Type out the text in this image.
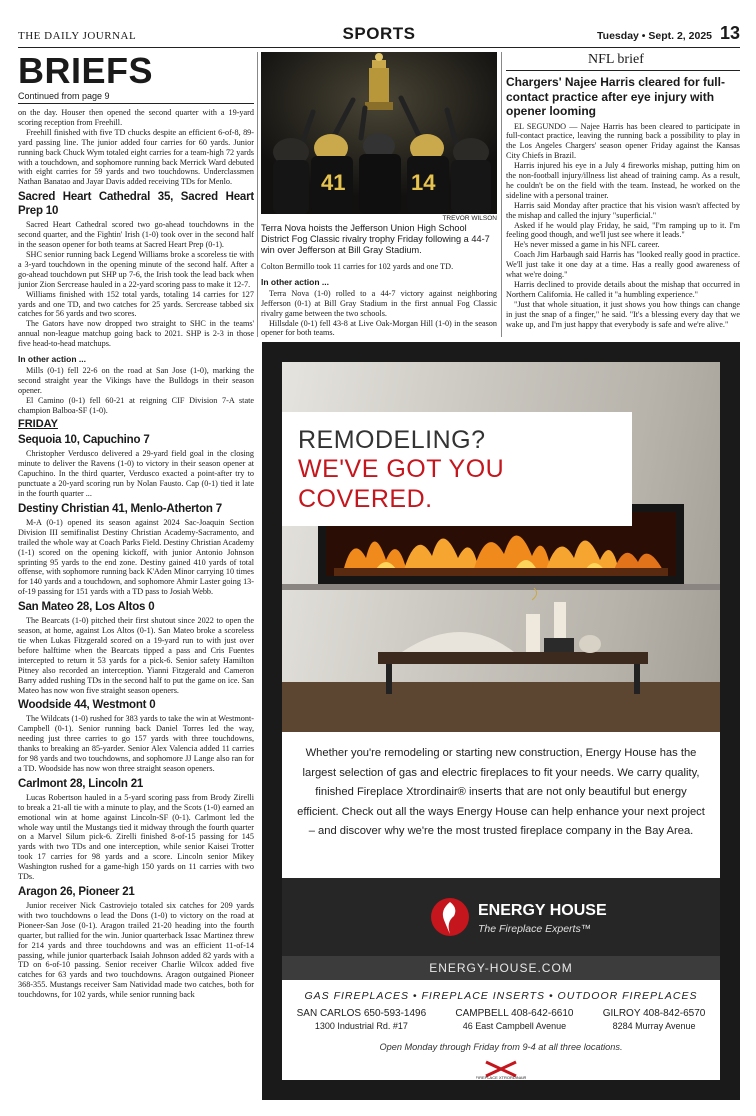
THE DAILY JOURNAL	SPORTS	Tuesday • Sept. 2, 2025 13
BRIEFS
Continued from page 9

on the day. Houser then opened the second quarter with a 19-yard scoring reception from Freehill.

Freehill finished with five TD chucks despite an efficient 6-of-8, 89-yard passing line. The junior added four carries for 60 yards. Junior running back Chuck Wym totaled eight carries for a team-high 72 yards with a touchdown, and sophomore running back Merrick Ward debuted with eight carries for 59 yards and two touchdowns. Underclassmen Nathan Banatao and Jayar Davis added receiving TDs for Menlo.

Sacred Heart Cathedral 35, Sacred Heart Prep 10

Sacred Heart Cathedral scored two go-ahead touchdowns in the second quarter, and the Fightin' Irish (1-0) took over in the second half in the season opener for both teams at Sacred Heart Prep (0-1).

SHC senior running back Legend Williams broke a scoreless tie with a 3-yard touchdown in the opening minute of the second half. After a go-ahead touchdown put SHP up 7-6, the Irish took the lead back when junior Zion Sercrease hauled in a 22-yard scoring pass to make it 12-7.

Williams finished with 152 total yards, totaling 14 carries for 127 yards and one TD, and two catches for 25 yards. Sercrease tabbed six catches for 56 yards and two scores.

The Gators have now dropped two straight to SHC in the teams' annual non-league matchup going back to 2021. SHP is 2-3 in those five head-to-head matchups.

In other action ...

Mills (0-1) fell 22-6 on the road at San Jose (1-0), marking the second straight year the Vikings have the Bulldogs in their season opener.

El Camino (0-1) fell 60-21 at reigning CIF Division 7-A state champion Balboa-SF (1-0).

FRIDAY
Sequoia 10, Capuchino 7

Christopher Verdusco delivered a 29-yard field goal in the closing minute to deliver the Ravens (1-0) to victory in their season opener at Capuchino. In the third quarter, Verdusco exacted a point-after try to punctuate a 20-yard scoring run by Nolan Fausto. Cap (0-1) tied it late in the fourth quarter ...

Destiny Christian 41, Menlo-Atherton 7

M-A (0-1) opened its season against 2024 Sac-Joaquin Section Division III semifinalist Destiny Christian Academy-Sacramento, and trailed the whole way at Coach Parks Field. Destiny Christian Academy (1-1) scored on the opening kickoff, with junior Antonio Johnson sprinting 95 yards to the end zone. Destiny gained 410 yards of total offense, with sophomore running back K'Aden Minor carrying 10 times for 140 yards and a touchdown, and sophomore Ahmir Laster going 13-of-19 passing for 151 yards with a TD pass to Josiah Webb.

San Mateo 28, Los Altos 0

The Bearcats (1-0) pitched their first shutout since 2022 to open the season, at home, against Los Altos (0-1). San Mateo broke a scoreless tie when Lukas Fitzgerald scored on a 19-yard run to with just over before halftime when the Bearcats tipped a pass and Cris Fuentes intercepted to return it 53 yards for a pick-6. Senior safety Hamilton Pitney also recorded an interception. Yianni Fitzgerald and Cameron Barry added rushing TDs in the second half to put the game on ice. San Mateo has now won five straight season openers.

Woodside 44, Westmont 0

The Wildcats (1-0) rushed for 383 yards to take the win at Westmont-Campbell (0-1). Senior running back Daniel Torres led the way, needing just three carries to go 157 yards with three touchdowns, thanks to breaking an 85-yarder. Senior Alex Valencia added 11 carries for 98 yards and two touchdowns, and sophomore JJ Lange also ran for a TD. Woodside has now won three straight season openers.

Carlmont 28, Lincoln 21

Lucas Robertson hauled in a 5-yard scoring pass from Brody Zirelli to break a 21-all tie with a minute to play, and the Scots (1-0) earned an emotional win at home against Lincoln-SF (0-1). Carlmont led the whole way until the Mustangs tied it midway through the fourth quarter on a Marvel Silum pick-6. Zirelli finished 8-of-15 passing for 145 yards with two TDs and one interception, while senior Kaisei Trotter took 17 carries for 98 yards and a score. Lincoln senior Mikey Washington rushed for a game-high 150 yards on 11 carries with two TDs.

Aragon 26, Pioneer 21

Junior receiver Nick Castroviejo totaled six catches for 209 yards with two touchdowns o lead the Dons (1-0) to victory on the road at Pioneer-San Jose (0-1). Aragon trailed 21-20 heading into the fourth quarter, but rallied for the win. Junior quarterback Issac Martinez threw for 214 yards and three touchdowns and was an efficient 11-of-14 passing, while junior quarterback Isaiah Johnson added 82 yards with a TD on 6-of-10 passing. Senior receiver Charlie Wilcox added five catches for 63 yards and two touchdowns. Aragon outgained Pioneer 368-355. Mustangs receiver Sam Natividad made two catches, both for touchdowns, for 102 yards, while senior running back

41	14
TREVOR WILSON
Terra Nova hoists the Jefferson Union High School District Fog Classic rivalry trophy Friday following a 44-7 win over Jefferson at Bill Gray Stadium.

Colton Bermillo took 11 carries for 102 yards and one TD.

In other action ...

Terra Nova (1-0) rolled to a 44-7 victory against neighboring Jefferson (0-1) at Bill Gray Stadium in the first annual Fog Classic rivalry game between the two schools.

Hillsdale (0-1) fell 43-8 at Live Oak-Morgan Hill (1-0) in the season opener for both teams.

NFL brief
Chargers' Najee Harris cleared for full-contact practice after eye injury with opener looming

EL SEGUNDO — Najee Harris has been cleared to participate in full-contact practice, leaving the running back a possibility to play in the Los Angeles Chargers' season opener Friday against the Kansas City Chiefs in Brazil.

Harris injured his eye in a July 4 fireworks mishap, putting him on the non-football injury/illness list ahead of training camp. As a result, he couldn't be on the field with the team. Instead, he worked on the sideline with a personal trainer.

Harris said Monday after practice that his vision wasn't affected by the mishap and called the injury "superficial."

Asked if he would play Friday, he said, "I'm ramping up to it. I'm feeling good though, and we'll just see where it leads."

He's never missed a game in his NFL career.

Coach Jim Harbaugh said Harris has "looked really good in practice. We'll just take it one day at a time. Has a really good awareness of what we're doing."

Harris declined to provide details about the mishap that occurred in Northern California. He called it "a humbling experience."

"Just that whole situation, it just shows you how things can change in just the snap of a finger," he said. "It's a blessing every day that we wake up, and I'm just happy that everybody is safe and we're alive."

REMODELING?
WE'VE GOT YOU COVERED.
Whether you're remodeling or starting new construction, Energy House has the largest selection of gas and electric fireplaces to fit your needs. We carry quality, finished Fireplace Xtrordinair® inserts that are not only beautiful but energy efficient. Check out all the ways Energy House can help enhance your next project – and discover why we're the most trusted fireplace company in the Bay Area.
ENERGY HOUSE
The Fireplace Experts™
ENERGY-HOUSE.COM
GAS FIREPLACES • FIREPLACE INSERTS • OUTDOOR FIREPLACES
SAN CARLOS 650-593-1496
1300 Industrial Rd. #17
CAMPBELL 408-642-6610
46 East Campbell Avenue
GILROY 408-842-6570
8284 Murray Avenue
Open Monday through Friday from 9-4 at all three locations.
FIREPLACE XTRORDINAIR
